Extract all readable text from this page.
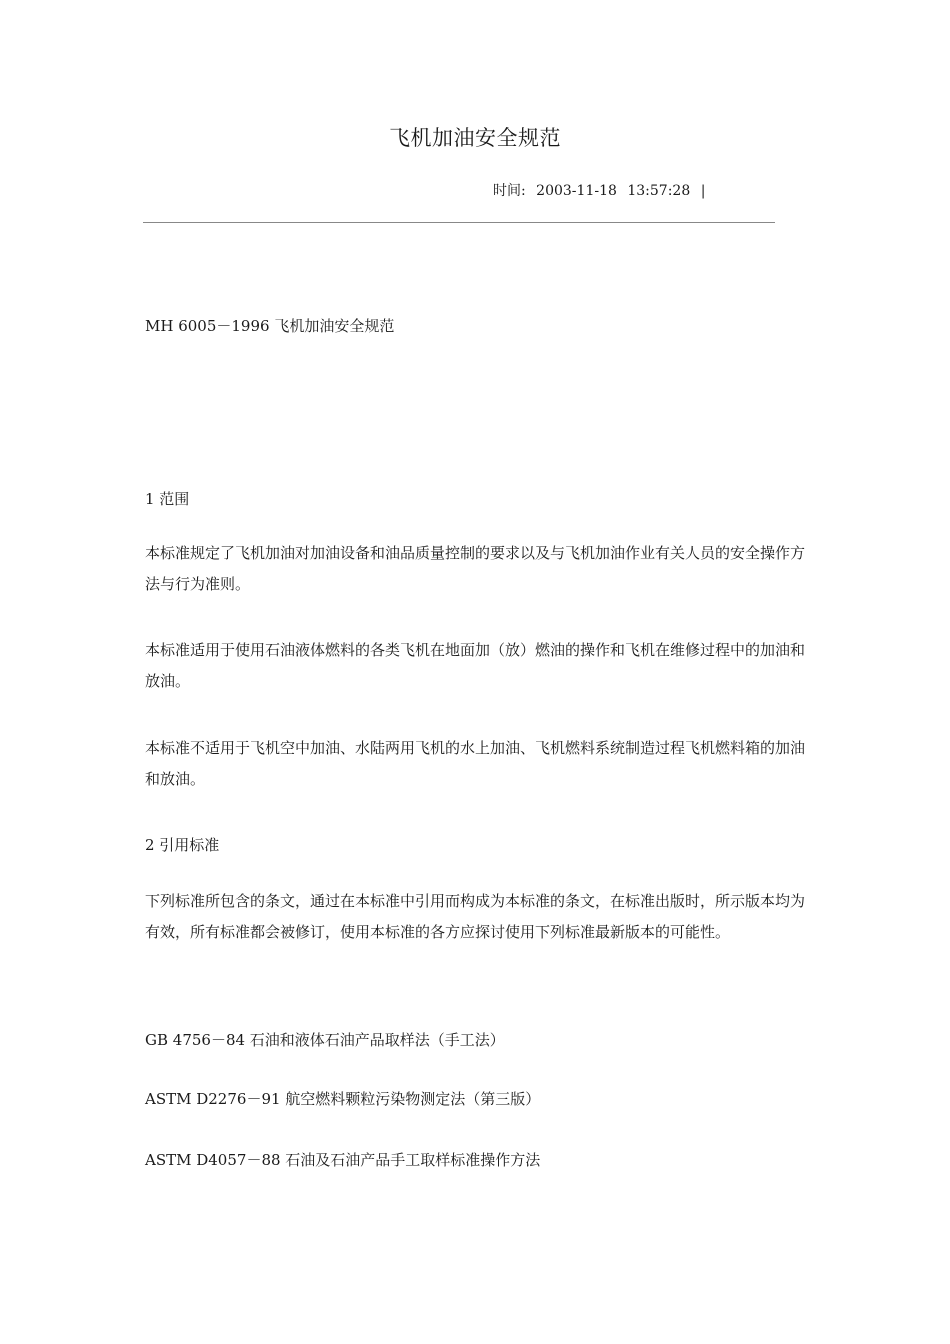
飞机加油安全规范
时间: 2003-11-18 13:57:28 |

MH 6005－1996 飞机加油安全规范

1 范围

本标准规定了飞机加油对加油设备和油品质量控制的要求以及与飞机加油作业有关人员的安全操作方法与行为准则。

本标准适用于使用石油液体燃料的各类飞机在地面加（放）燃油的操作和飞机在维修过程中的加油和放油。

本标准不适用于飞机空中加油、水陆两用飞机的水上加油、飞机燃料系统制造过程飞机燃料箱的加油和放油。

2 引用标准

下列标准所包含的条文，通过在本标准中引用而构成为本标准的条文，在标准出版时，所示版本均为有效，所有标准都会被修订，使用本标准的各方应探讨使用下列标准最新版本的可能性。

GB 4756－84 石油和液体石油产品取样法（手工法）

ASTM D2276－91 航空燃料颗粒污染物测定法（第三版）

ASTM D4057－88 石油及石油产品手工取样标准操作方法
